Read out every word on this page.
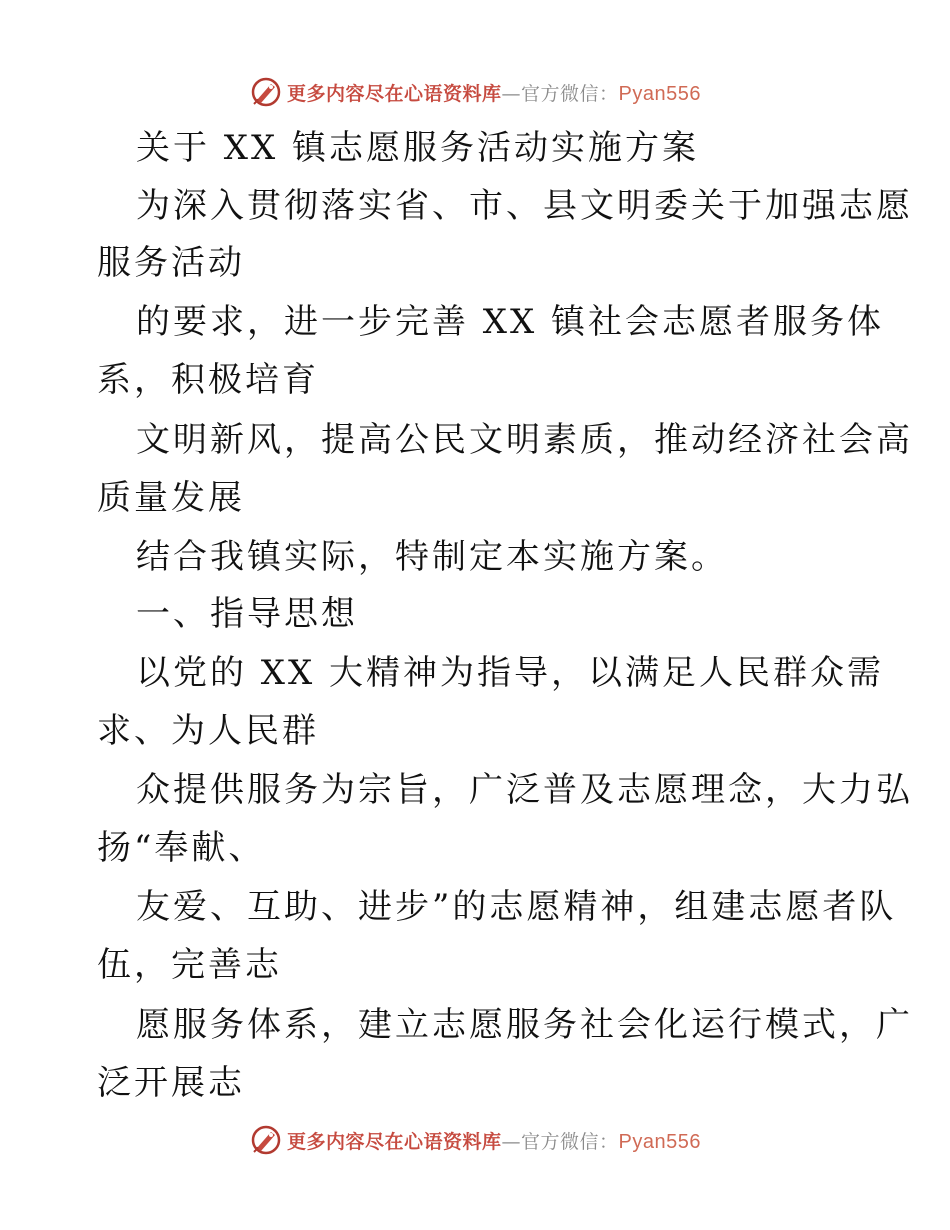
更多内容尽在心语资料库—官方微信：Pyan556
关于 XX 镇志愿服务活动实施方案
为深入贯彻落实省、市、县文明委关于加强志愿
服务活动
的要求，进一步完善 XX 镇社会志愿者服务体
系，积极培育
文明新风，提高公民文明素质，推动经济社会高
质量发展
结合我镇实际，特制定本实施方案。
一、指导思想
以党的 XX 大精神为指导，以满足人民群众需
求、为人民群
众提供服务为宗旨，广泛普及志愿理念，大力弘
扬“奉献、
友爱、互助、进步”的志愿精神，组建志愿者队
伍，完善志
愿服务体系，建立志愿服务社会化运行模式，广
泛开展志
更多内容尽在心语资料库—官方微信：Pyan556
